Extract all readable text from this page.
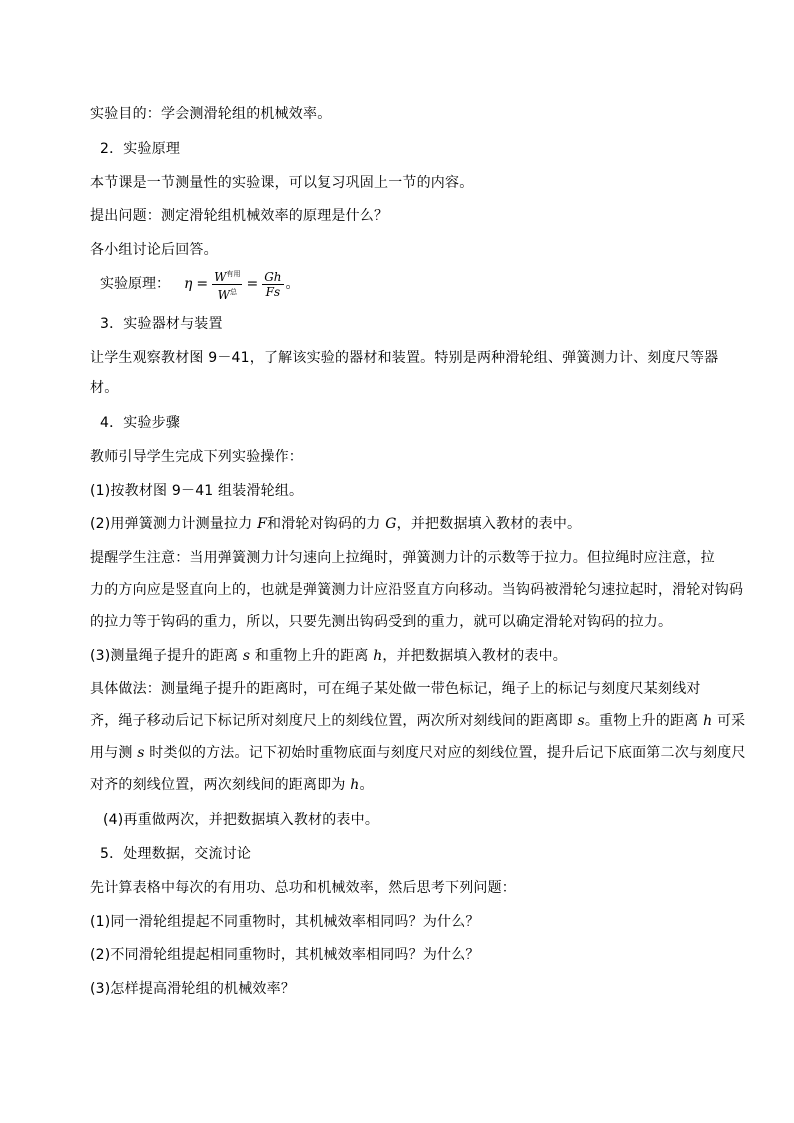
实验目的：学会测滑轮组的机械效率。
2．实验原理
本节课是一节测量性的实验课，可以复习巩固上一节的内容。
提出问题：测定滑轮组机械效率的原理是什么？
各小组讨论后回答。
实验原理： $\eta = \frac{W^{有用}}{W^总} = \frac{Gh}{Fs}$ 。
3．实验器材与装置
让学生观察教材图 9－41，了解该实验的器材和装置。特别是两种滑轮组、弹簧测力计、刻度尺等器
材。
4．实验步骤
教师引导学生完成下列实验操作：
(1)按教材图 9－41 组装滑轮组。
(2)用弹簧测力计测量拉力 F和滑轮对钩码的力 G，并把数据填入教材的表中。
提醒学生注意：当用弹簧测力计匀速向上拉绳时，弹簧测力计的示数等于拉力。但拉绳时应注意，拉
力的方向应是竖直向上的，也就是弹簧测力计应沿竖直方向移动。当钩码被滑轮匀速拉起时，滑轮对钩码
的拉力等于钩码的重力，所以，只要先测出钩码受到的重力，就可以确定滑轮对钩码的拉力。
(3)测量绳子提升的距离 s 和重物上升的距离 h，并把数据填入教材的表中。
具体做法：测量绳子提升的距离时，可在绳子某处做一带色标记，绳子上的标记与刻度尺某刻线对
齐，绳子移动后记下标记所对刻度尺上的刻线位置，两次所对刻线间的距离即 s。重物上升的距离 h 可采
用与测 s 时类似的方法。记下初始时重物底面与刻度尺对应的刻线位置，提升后记下底面第二次与刻度尺
对齐的刻线位置，两次刻线间的距离即为 h。
(4)再重做两次，并把数据填入教材的表中。
5．处理数据，交流讨论
先计算表格中每次的有用功、总功和机械效率，然后思考下列问题：
(1)同一滑轮组提起不同重物时，其机械效率相同吗？为什么？
(2)不同滑轮组提起相同重物时，其机械效率相同吗？为什么？
(3)怎样提高滑轮组的机械效率？
